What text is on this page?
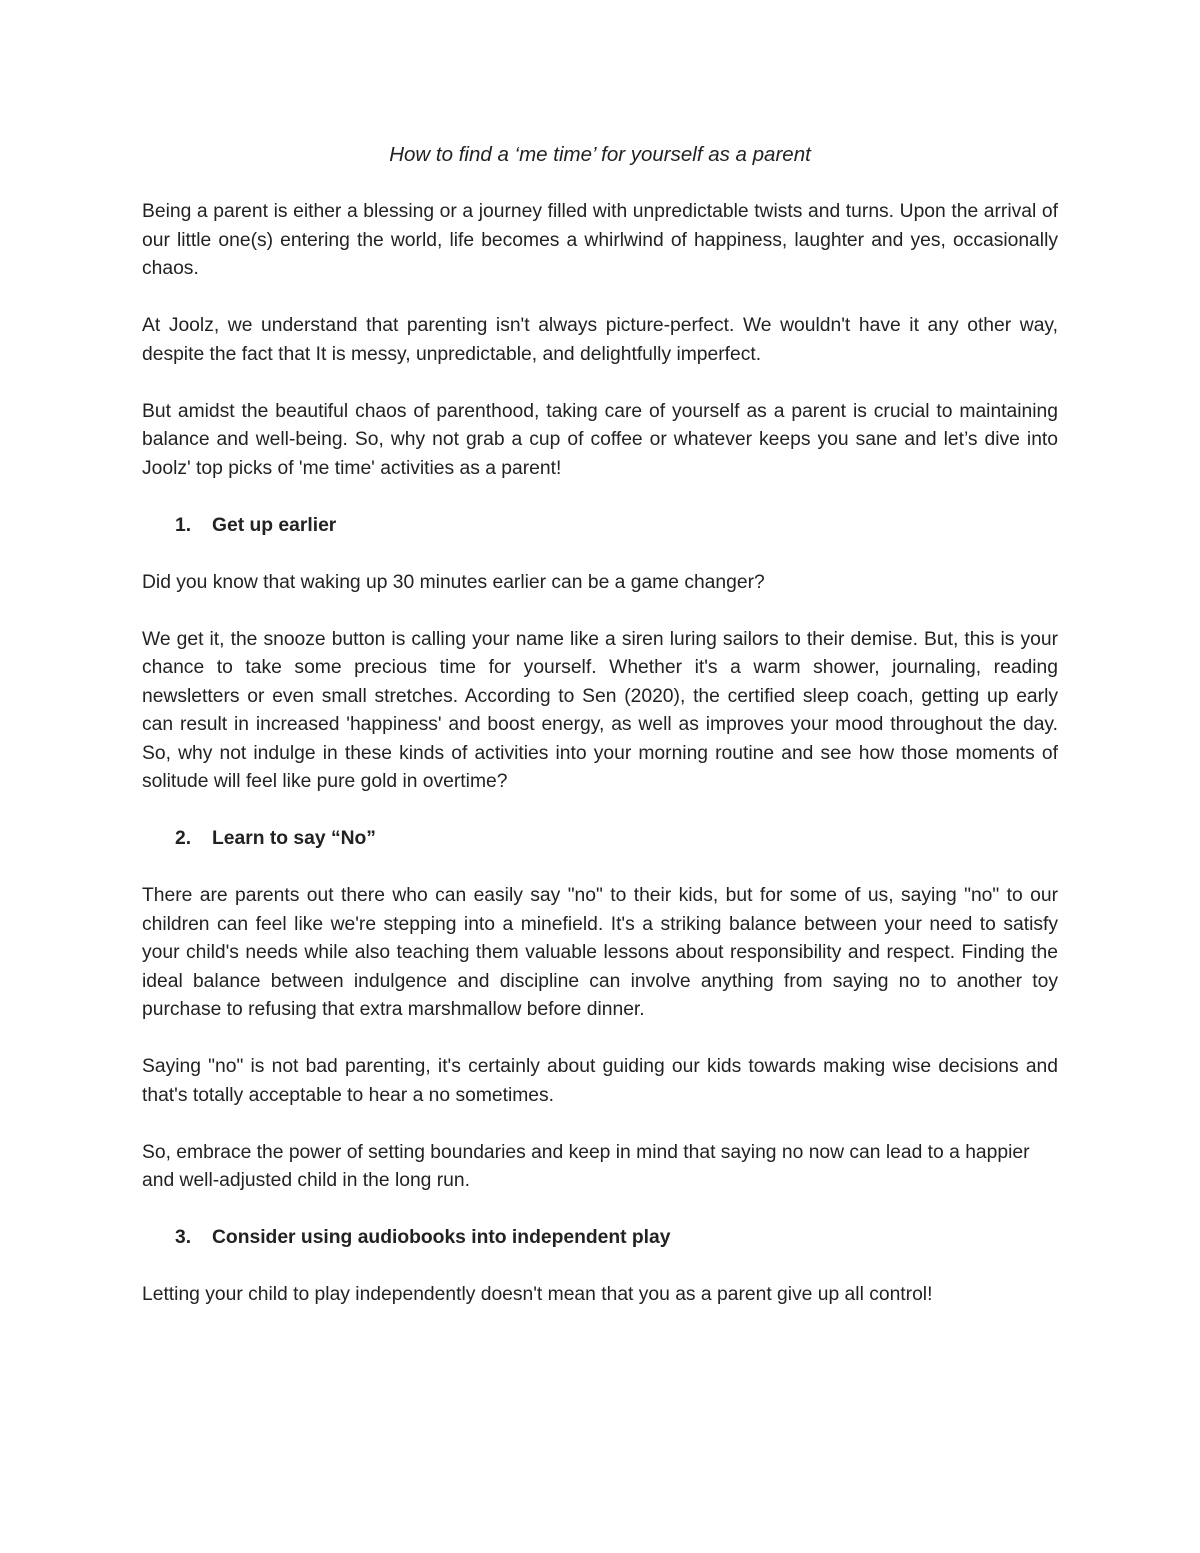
How to find a ‘me time’ for yourself as a parent

Being a parent is either a blessing or a journey filled with unpredictable twists and turns. Upon the arrival of our little one(s) entering the world, life becomes a whirlwind of happiness, laughter and yes, occasionally chaos.

At Joolz, we understand that parenting isn't always picture-perfect. We wouldn't have it any other way, despite the fact that It is messy, unpredictable, and delightfully imperfect.

But amidst the beautiful chaos of parenthood, taking care of yourself as a parent is crucial to maintaining balance and well-being. So, why not grab a cup of coffee or whatever keeps you sane and let’s dive into Joolz' top picks of 'me time' activities as a parent!

1.	Get up earlier

Did you know that waking up 30 minutes earlier can be a game changer?

We get it, the snooze button is calling your name like a siren luring sailors to their demise. But, this is your chance to take some precious time for yourself. Whether it's a warm shower, journaling, reading newsletters or even small stretches. According to Sen (2020), the certified sleep coach, getting up early can result in increased 'happiness' and boost energy, as well as improves your mood throughout the day. So, why not indulge in these kinds of activities into your morning routine and see how those moments of solitude will feel like pure gold in overtime?

2.	Learn to say “No”

There are parents out there who can easily say "no" to their kids, but for some of us, saying "no" to our children can feel like we're stepping into a minefield. It's a striking balance between your need to satisfy your child's needs while also teaching them valuable lessons about responsibility and respect. Finding the ideal balance between indulgence and discipline can involve anything from saying no to another toy purchase to refusing that extra marshmallow before dinner.

Saying "no" is not bad parenting, it's certainly about guiding our kids towards making wise decisions and that's totally acceptable to hear a no sometimes.

So, embrace the power of setting boundaries and keep in mind that saying no now can lead to a happier and well-adjusted child in the long run.

3.	Consider using audiobooks into independent play

Letting your child to play independently doesn't mean that you as a parent give up all control!
